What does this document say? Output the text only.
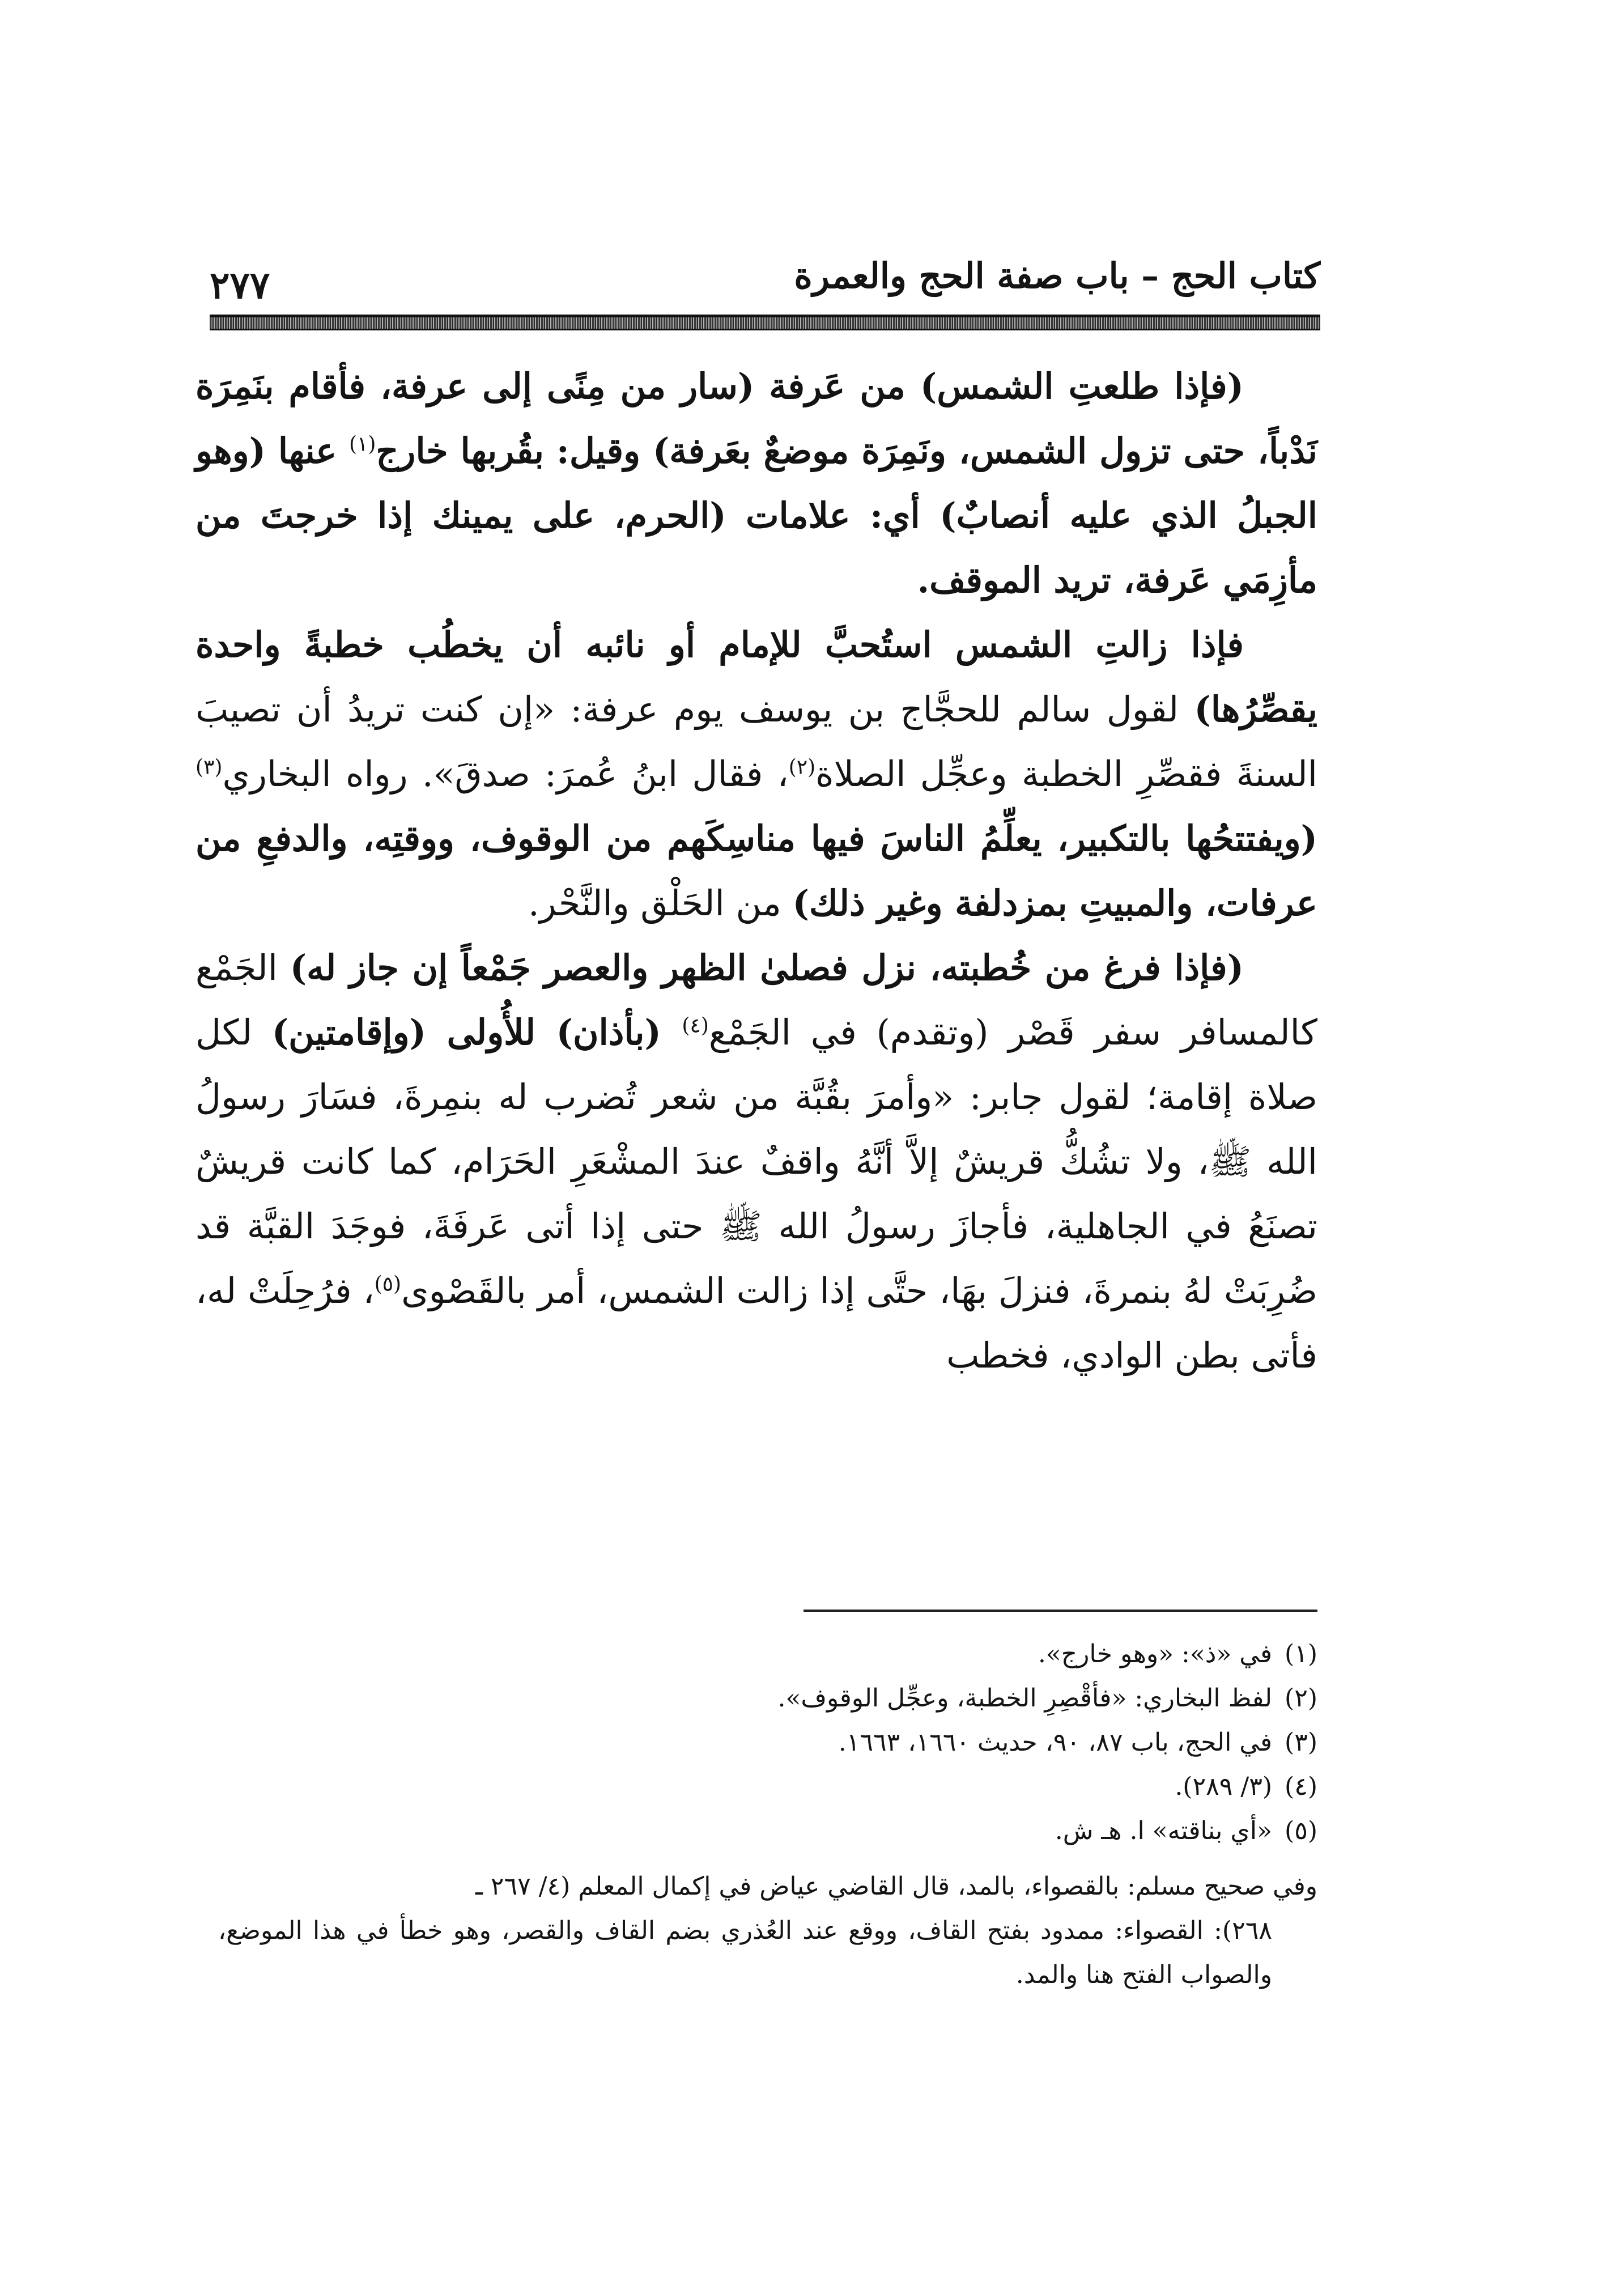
كتاب الحج – باب صفة الحج والعمرة
٢٧٧

(فإذا طلعتِ الشمس) من عَرفة (سار من مِنًى إلى عرفة، فأقام بنَمِرَة نَدْباً، حتى تزول الشمس، ونَمِرَة موضعٌ بعَرفة) وقيل: بقُربها خارج$^{(١)}$ عنها (وهو الجبلُ الذي عليه أنصابٌ) أي: علامات (الحرم، على يمينك إذا خرجتَ من مأزِمَي عَرفة، تريد الموقف.

فإذا زالتِ الشمس استُحبَّ للإمام أو نائبه أن يخطُب خطبةً واحدة يقصِّرُها) لقول سالم للحجَّاج بن يوسف يوم عرفة: «إن كنت تريدُ أن تصيبَ السنةَ فقصِّرِ الخطبة وعجِّل الصلاة$^{(٢)}$، فقال ابنُ عُمرَ: صدقَ». رواه البخاري$^{(٣)}$ (ويفتتحُها بالتكبير، يعلِّمُ الناسَ فيها مناسِكَهم من الوقوف، ووقتِه، والدفعِ من عرفات، والمبيتِ بمزدلفة وغير ذلك) من الحَلْق والنَّحْر.

(فإذا فرغ من خُطبته، نزل فصلىٰ الظهر والعصر جَمْعاً إن جاز له) الجَمْع كالمسافر سفر قَصْر (وتقدم) في الجَمْع$^{(٤)}$ (بأذان) للأُولى (وإقامتين) لكل صلاة إقامة؛ لقول جابر: «وأمرَ بقُبَّة من شعر تُضرب له بنمِرةَ، فسَارَ رسولُ الله ﷺ، ولا تشُكُّ قريشٌ إلاَّ أنَّهُ واقفٌ عندَ المشْعَرِ الحَرَام، كما كانت قريشٌ تصنَعُ في الجاهلية، فأجازَ رسولُ الله ﷺ حتى إذا أتى عَرفَةَ، فوجَدَ القبَّة قد ضُرِبَتْ لهُ بنمرةَ، فنزلَ بهَا، حتَّى إذا زالت الشمس، أمر بالقَصْوى$^{(٥)}$، فرُحِلَتْ له، فأتى بطن الوادي، فخطب

(١)
في «ذ»: «وهو خارج».
(٢)
لفظ البخاري: «فأقْصِرِ الخطبة، وعجِّل الوقوف».
(٣)
في الحج، باب ٨٧، ٩٠، حديث ١٦٦٠، ١٦٦٣.
(٤)
(٣/ ٢٨٩).
(٥)
«أي بناقته» ا. هـ ش.
وفي صحيح مسلم: بالقصواء، بالمد، قال القاضي عياض في إكمال المعلم (٤/ ٢٦٧ ـ
٢٦٨): القصواء: ممدود بفتح القاف، ووقع عند العُذري بضم القاف والقصر، وهو خطأ في هذا الموضع، والصواب الفتح هنا والمد.
